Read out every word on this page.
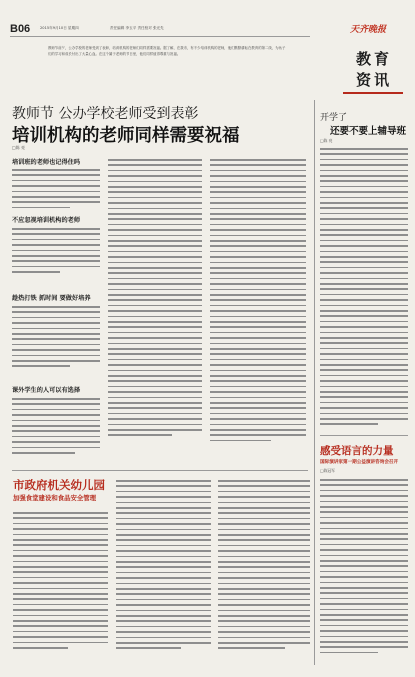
B06	2015年9月10日 星期四	责任编辑 李玉平 责任校对 张光先
教师节前夕，公办学校的老师受到了表彰，培训机构的老师们同样需要祝福。据了解，在我市，有不少培训机构的老师，他们默默耕耘在教育的第二线，为孩子们的学习和成长付出了大量心血。在这个属于老师的节日里，他们同样值得尊重与祝福。
天齐晚报
教育
资讯
教师节 公办学校老师受到表彰
培训机构的老师同样需要祝福
□陈 亮
培训班的老师也记得住吗
不应忽视培训机构的老师
趁热打铁 抓时间 要做好培养
课外学生的人可以有选择
市政府机关幼儿园
加强食堂建设和食品安全管理
开学了
还要不要上辅导班
□陈 亮
感受语言的力量
国际演讲家第一期公益演讲咨询会召开
□陈冠军
